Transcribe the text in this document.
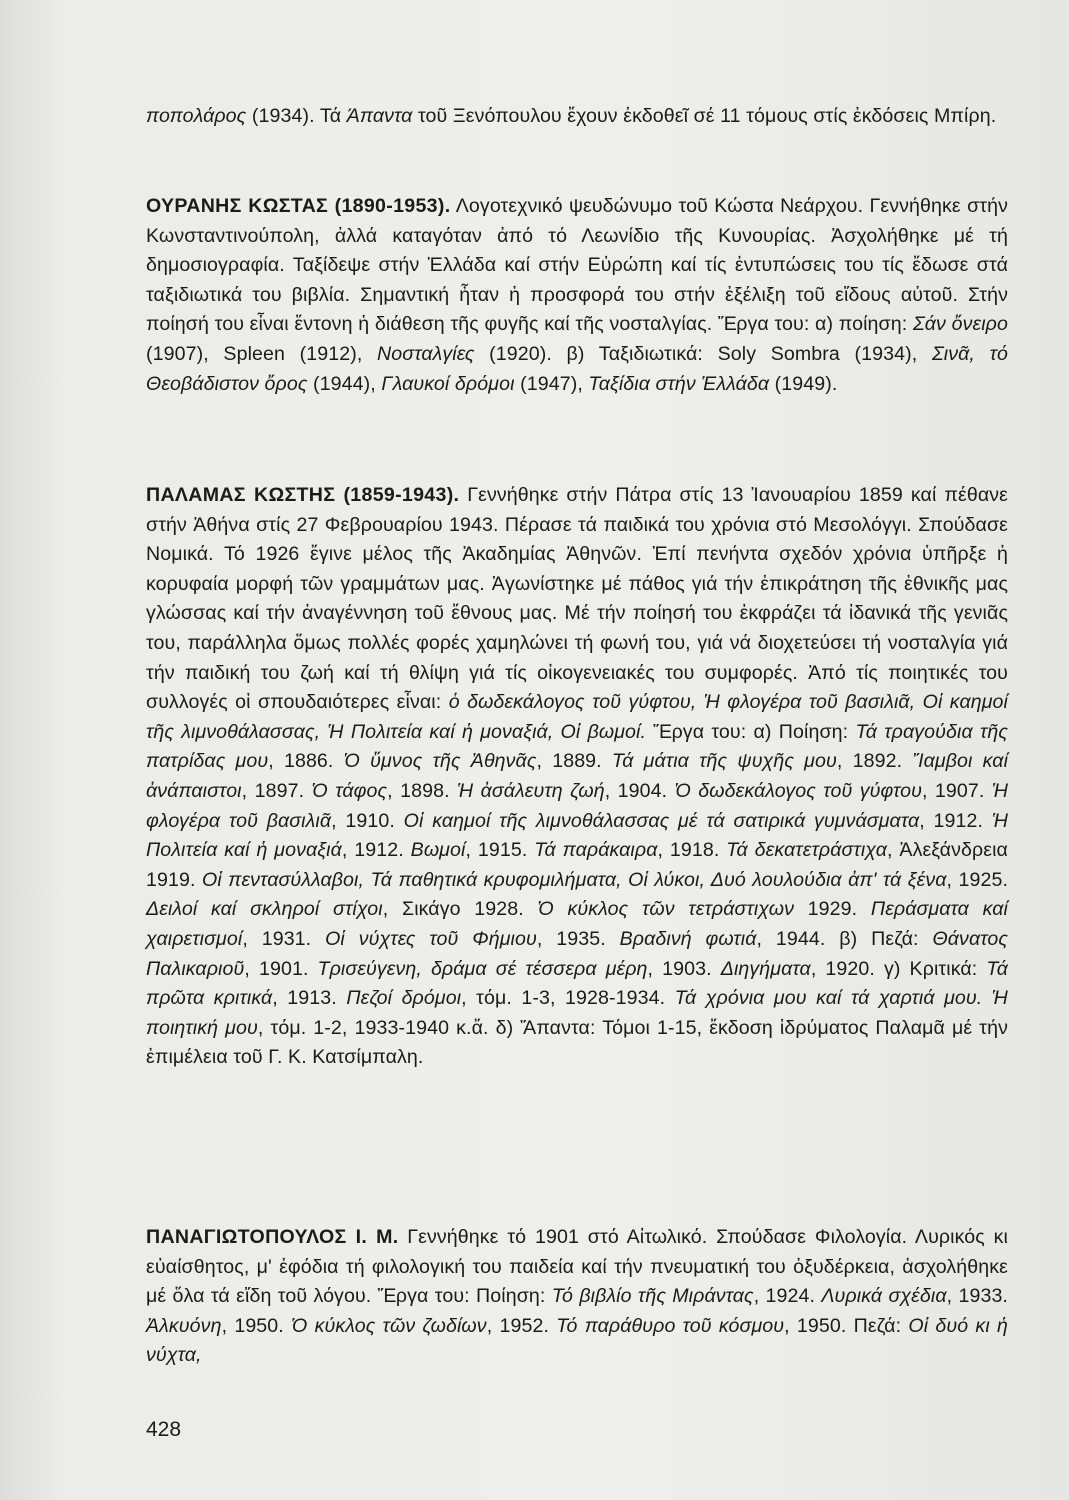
ποπολάρος (1934). Τά Άπαντα τοῦ Ξενόπουλου ἔχουν ἐκδοθεῖ σέ 11 τόμους στίς ἐκδόσεις Μπίρη.
ΟΥΡΑΝΗΣ ΚΩΣΤΑΣ (1890-1953). Λογοτεχνικό ψευδώνυμο τοῦ Κώστα Νεάρχου. Γεννήθηκε στήν Κωνσταντινούπολη, ἀλλά καταγόταν ἀπό τό Λεωνίδιο τῆς Κυνουρίας. Ἀσχολήθηκε μέ τή δημοσιογραφία. Ταξίδεψε στήν Ἑλλάδα καί στήν Εὐρώπη καί τίς ἐντυπώσεις του τίς ἔδωσε στά ταξιδιωτικά του βιβλία. Σημαντική ἦταν ἡ προσφορά του στήν ἐξέλιξη τοῦ εἴδους αὐτοῦ. Στήν ποίησή του εἶναι ἔντονη ἡ διάθεση τῆς φυγῆς καί τῆς νοσταλγίας. Ἔργα του: α) ποίηση: Σάν ὄνειρο (1907), Spleen (1912), Νοσταλγίες (1920). β) Ταξιδιωτικά: Soly Sombra (1934), Σινᾶ, τό Θεοβάδιστον ὄρος (1944), Γλαυκοί δρόμοι (1947), Ταξίδια στήν Ἑλλάδα (1949).
ΠΑΛΑΜΑΣ ΚΩΣΤΗΣ (1859-1943). Γεννήθηκε στήν Πάτρα στίς 13 Ἰανουαρίου 1859 καί πέθανε στήν Ἀθήνα στίς 27 Φεβρουαρίου 1943. Πέρασε τά παιδικά του χρόνια στό Μεσολόγγι. Σπούδασε Νομικά. Τό 1926 ἔγινε μέλος τῆς Ἀκαδημίας Ἀθηνῶν. Ἐπί πενήντα σχεδόν χρόνια ὑπῆρξε ἡ κορυφαία μορφή τῶν γραμμάτων μας. Ἀγωνίστηκε μέ πάθος γιά τήν ἐπικράτηση τῆς ἐθνικῆς μας γλώσσας καί τήν ἀναγέννηση τοῦ ἔθνους μας. Μέ τήν ποίησή του ἐκφράζει τά ἰδανικά τῆς γενιᾶς του, παράλληλα ὅμως πολλές φορές χαμηλώνει τή φωνή του, γιά νά διοχετεύσει τή νοσταλγία γιά τήν παιδική του ζωή καί τή θλίψη γιά τίς οἰκογενειακές του συμφορές. Ἀπό τίς ποιητικές του συλλογές οἱ σπουδαιότερες εἶναι: ὁ δωδεκάλογος τοῦ γύφτου, Ἡ φλογέρα τοῦ βασιλιᾶ, Οἱ καημοί τῆς λιμνοθάλασσας, Ἡ Πολιτεία καί ἡ μοναξιά, Οἱ βωμοί. Ἔργα του: α) Ποίηση: Τά τραγούδια τῆς πατρίδας μου, 1886. Ὁ ὕμνος τῆς Ἀθηνᾶς, 1889. Τά μάτια τῆς ψυχῆς μου, 1892. Ἴαμβοι καί ἀνάπαιστοι, 1897. Ὁ τάφος, 1898. Ἡ ἀσάλευτη ζωή, 1904. Ὁ δωδεκάλογος τοῦ γύφτου, 1907. Ἡ φλογέρα τοῦ βασιλιᾶ, 1910. Οἱ καημοί τῆς λιμνοθάλασσας μέ τά σατιρικά γυμνάσματα, 1912. Ἡ Πολιτεία καί ἡ μοναξιά, 1912. Βωμοί, 1915. Τά παράκαιρα, 1918. Τά δεκατετράστιχα, Ἀλεξάνδρεια 1919. Οἱ πεντασύλλαβοι, Τά παθητικά κρυφομιλήματα, Οἱ λύκοι, Δυό λουλούδια ἀπ' τά ξένα, 1925. Δειλοί καί σκληροί στίχοι, Σικάγο 1928. Ὁ κύκλος τῶν τετράστιχων 1929. Περάσματα καί χαιρετισμοί, 1931. Οἱ νύχτες τοῦ Φήμιου, 1935. Βραδινή φωτιά, 1944. β) Πεζά: Θάνατος Παλικαριοῦ, 1901. Τρισεύγενη, δράμα σέ τέσσερα μέρη, 1903. Διηγήματα, 1920. γ) Κριτικά: Τά πρῶτα κριτικά, 1913. Πεζοί δρόμοι, τόμ. 1-3, 1928-1934. Τά χρόνια μου καί τά χαρτιά μου. Ἡ ποιητική μου, τόμ. 1-2, 1933-1940 κ.ἄ. δ) Ἅπαντα: Τόμοι 1-15, ἔκδοση ἱδρύματος Παλαμᾶ μέ τήν ἐπιμέλεια τοῦ Γ. Κ. Κατσίμπαλη.
ΠΑΝΑΓΙΩΤΟΠΟΥΛΟΣ Ι. Μ. Γεννήθηκε τό 1901 στό Αἰτωλικό. Σπούδασε Φιλολογία. Λυρικός κι εὐαίσθητος, μ' ἐφόδια τή φιλολογική του παιδεία καί τήν πνευματική του ὀξυδέρκεια, ἀσχολήθηκε μέ ὅλα τά εἴδη τοῦ λόγου. Ἔργα του: Ποίηση: Τό βιβλίο τῆς Μιράντας, 1924. Λυρικά σχέδια, 1933. Ἀλκυόνη, 1950. Ὁ κύκλος τῶν ζωδίων, 1952. Τό παράθυρο τοῦ κόσμου, 1950. Πεζά: Οἱ δυό κι ἡ νύχτα,
428
